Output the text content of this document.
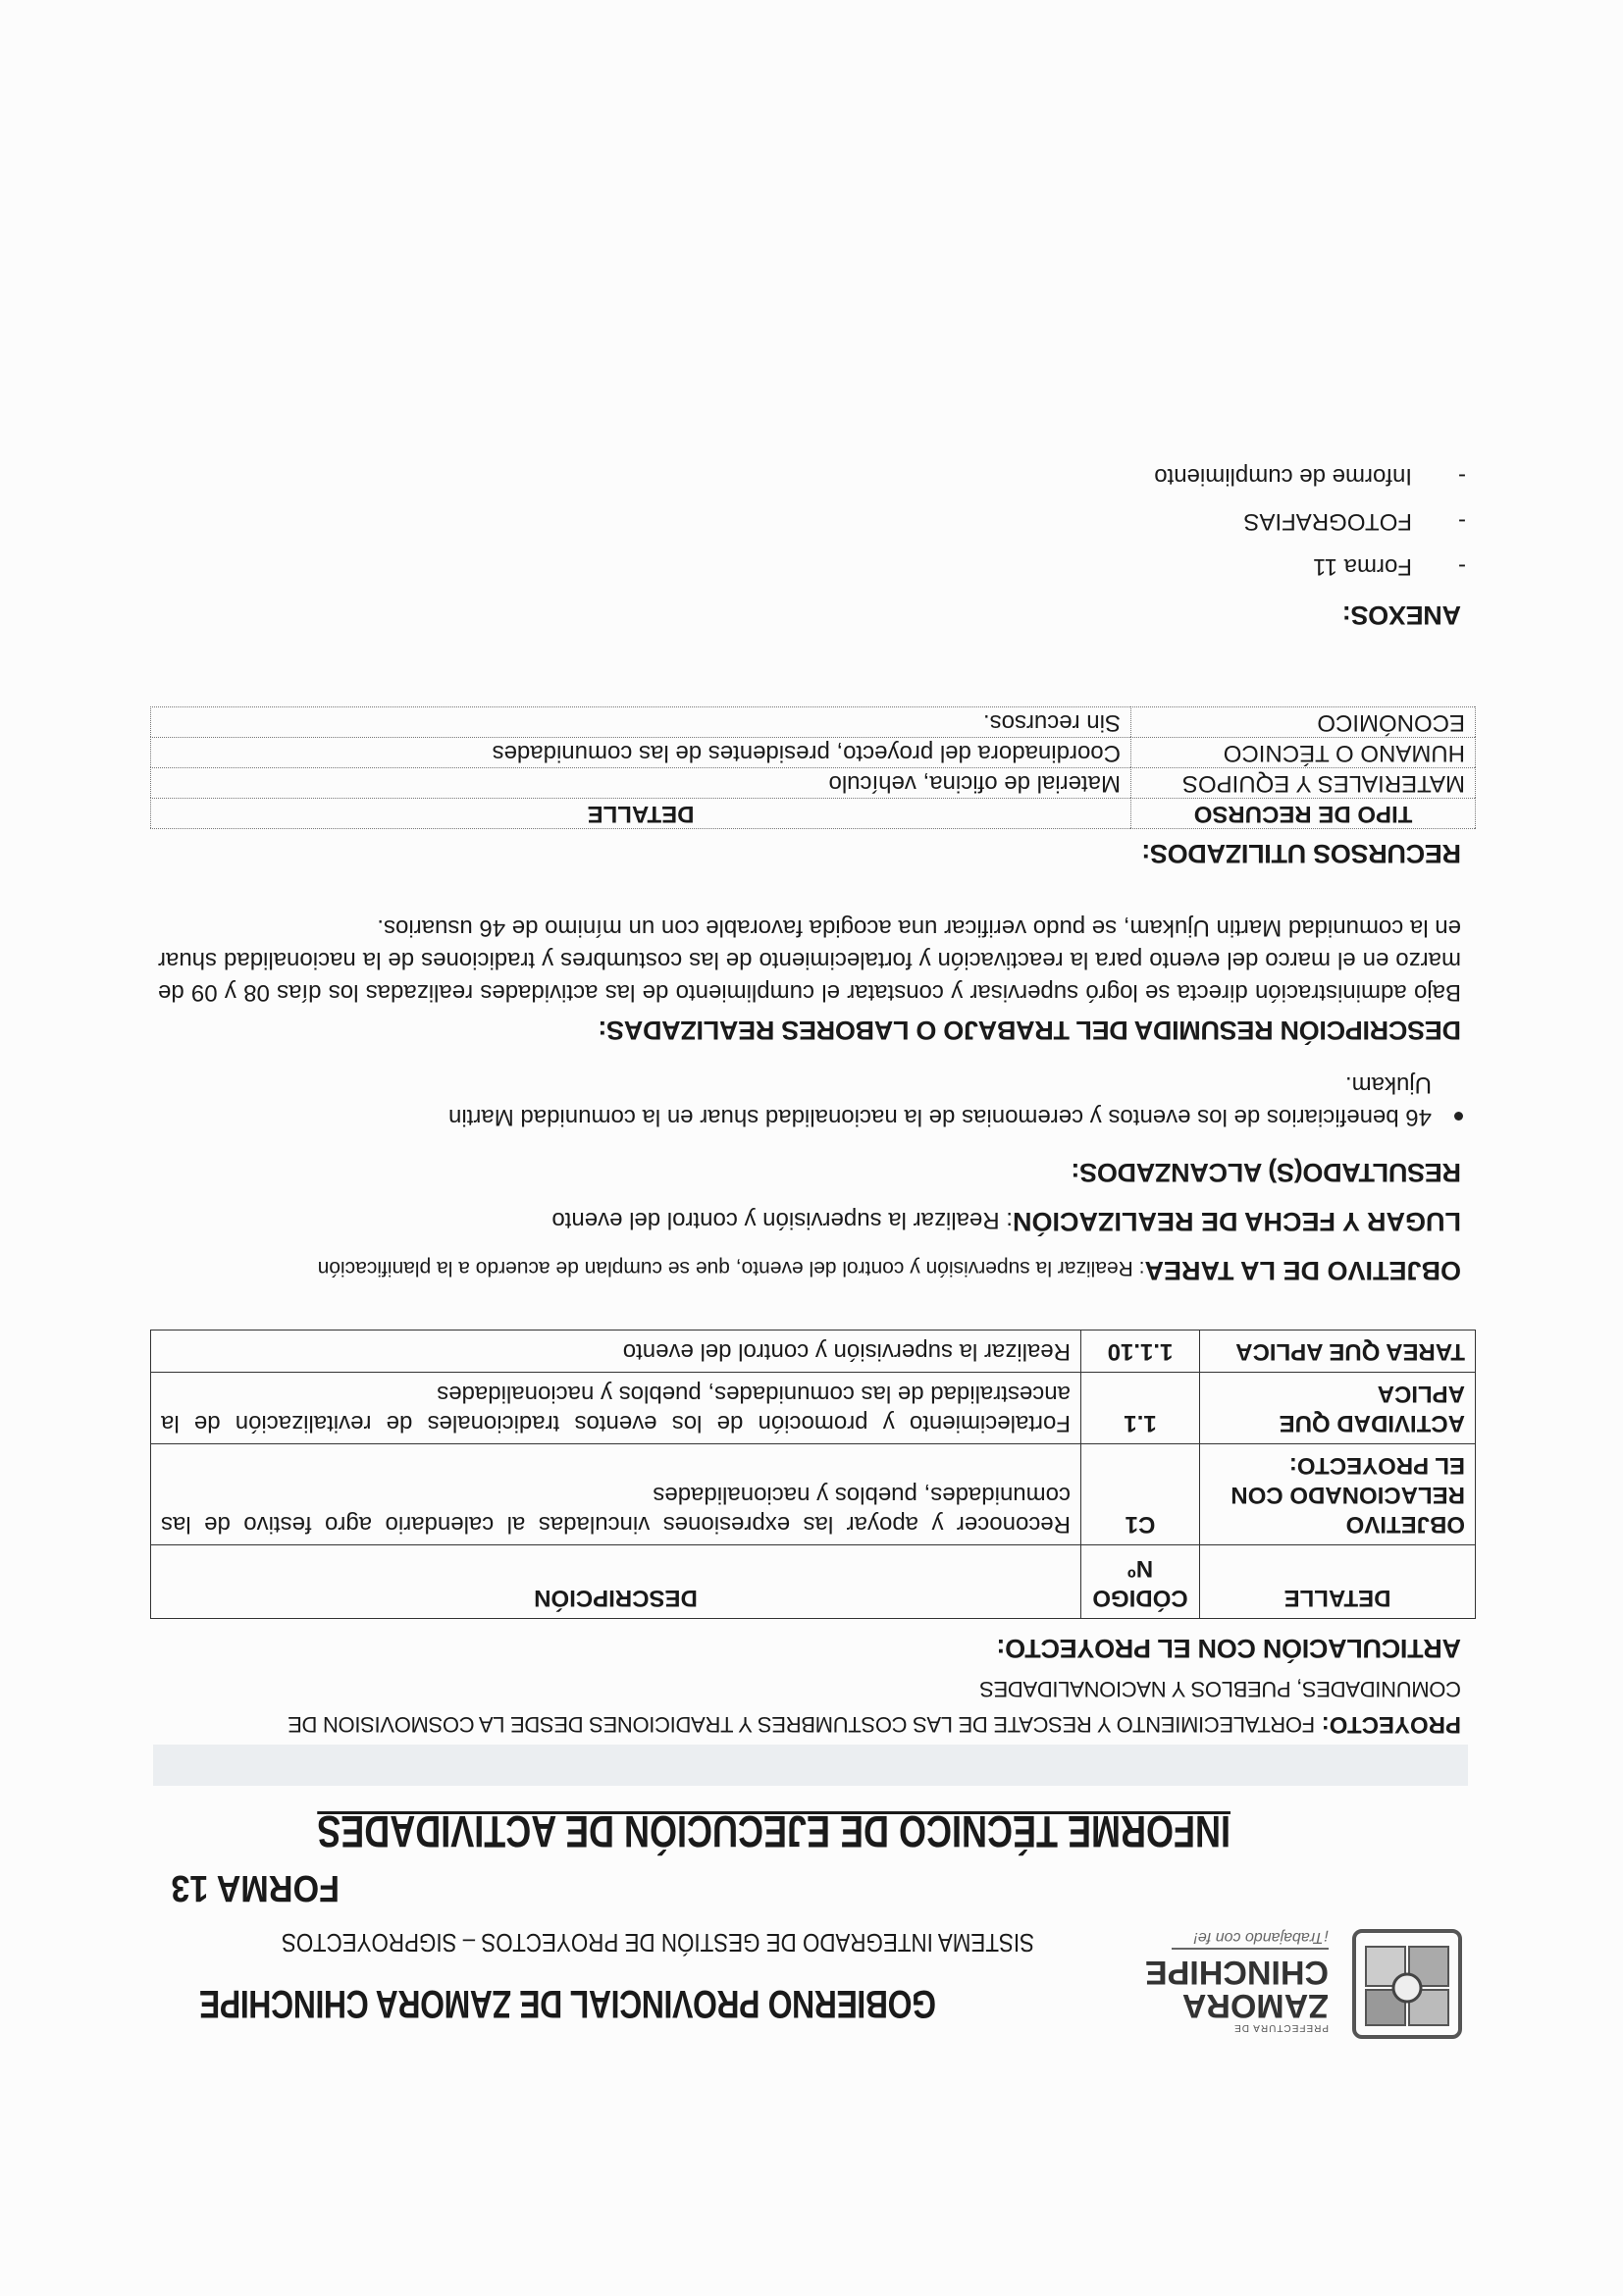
PREFECTURA DE
ZAMORA
CHINCHIPE
¡Trabajando con fe!
GOBIERNO PROVINCIAL DE ZAMORA CHINCHIPE
SISTEMA INTEGRADO DE GESTIÓN DE PROYECTOS – SIGPROYECTOS
FORMA 13
INFORME TÉCNICO DE EJECUCIÓN DE ACTIVIDADES
PROYECTO: FORTALECIMIENTO Y RESCATE DE LAS COSTUMBRES Y TRADICIONES DESDE LA COSMOVISION DE COMUNIDADES, PUEBLOS Y NACIONALIDADES
ARTICULACIÓN CON EL PROYECTO:
DETALLE	CÓDIGO Nº	DESCRIPCIÓN
OBJETIVO RELACIONADO CON EL PROYECTO:	C1	Reconocer y apoyar las expresiones vinculadas al calendario agro festivo de las comunidades, pueblos y nacionalidades
ACTIVIDAD QUE APLICA	1.1	Fortalecimiento y promoción de los eventos tradicionales de revitalización de la ancestralidad de las comunidades, pueblos y nacionalidades
TAREA QUE APLICA	1.1.10	Realizar la supervisión y control del evento
OBJETIVO DE LA TAREA: Realizar la supervisión y control del evento, que se cumplan de acuerdo a la planificación
LUGAR Y FECHA DE REALIZACIÓN: Realizar la supervisión y control del evento
RESULTADO(S) ALCANZADOS:
46 beneficiarios de los eventos y ceremonias de la nacionalidad shuar en la comunidad Martin Ujukam.
DESCRIPCIÓN RESUMIDA DEL TRABAJO O LABORES REALIZADAS:
Bajo administración directa se logró supervisar y constatar el cumplimiento de las actividades realizadas los días 08 y 09 de marzo en el marco del evento para la reactivación y fortalecimiento de las costumbres y tradiciones de la nacionalidad shuar en la comunidad Martin Ujukam, se pudo verificar una acogida favorable con un mínimo de 46 usuarios.
RECURSOS UTILIZADOS:
TIPO DE RECURSO	DETALLE
MATERIALES Y EQUIPOS	Material de oficina, vehículo
HUMANO O TÉCNICO	Coordinadora del proyecto, presidentes de las comunidades
ECONÓMICO	Sin recursos.
ANEXOS:
- Forma 11
- FOTOGRAFIAS
- Informe de cumplimiento
